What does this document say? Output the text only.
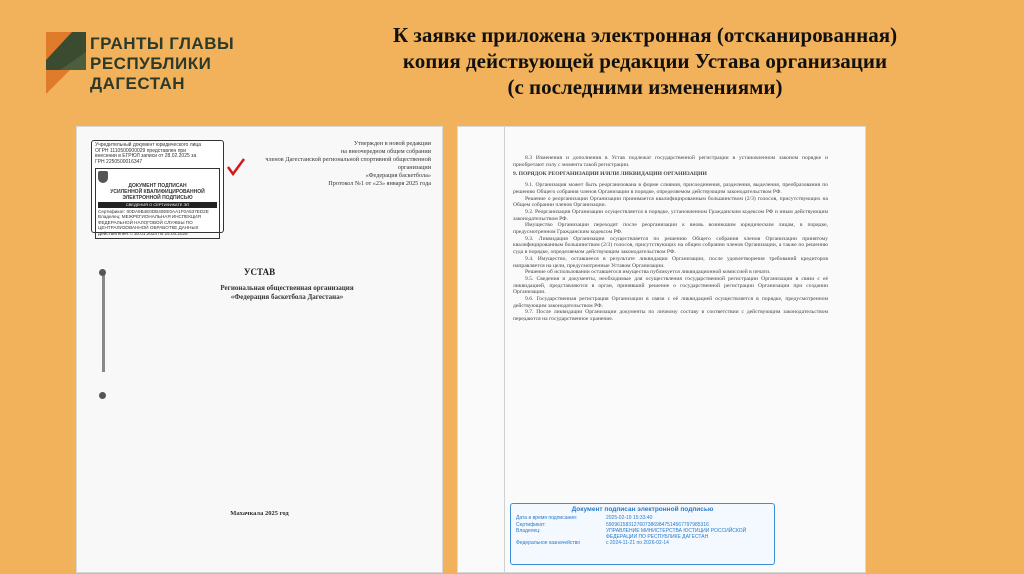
ГРАНТЫ ГЛАВЫ
РЕСПУБЛИКИ
ДАГЕСТАН
К заявке приложена электронная (отсканированная)
копия действующей редакции Устава организации
(с последними изменениями)
Учредительный документ юридического лица
ОГРН 1110500000029 представлен при
внесении в ЕГРЮЛ записи от 28.02.2025 за
ГРН 2250500016347
ДОКУМЕНТ ПОДПИСАН
УСИЛЕННОЙ КВАЛИФИЦИРОВАННОЙ
ЭЛЕКТРОННОЙ ПОДПИСЬЮ
СВЕДЕНИЯ О СЕРТИФИКАТЕ ЭП
Сертификат: 00DA9B4E0DB40EE0AA1F0A537ED2E
Владелец: МЕЖРЕГИОНАЛЬНАЯ ИНСПЕКЦИЯ
ФЕДЕРАЛЬНОЙ НАЛОГОВОЙ СЛУЖБЫ ПО
ЦЕНТРАЛИЗОВАННОЙ ОБРАБОТКЕ ДАННЫХ
Действителен: с 30.01.2024 по 24.04.2025
Утвержден в новой редакции
на внеочередном общем собрании
членов Дагестанской региональной спортивной общественной организации
«Федерация баскетбола»
Протокол №1 от «23» января 2025 года
УСТАВ
Региональная общественная организация
«Федерация баскетбола Дагестана»
Махачкала 2025 год

8.3 Изменения и дополнения в Устав подлежат государственной регистрации в установленном законом порядке и приобретают силу с момента такой регистрации.

9. ПОРЯДОК РЕОРГАНИЗАЦИИ И/ИЛИ ЛИКВИДАЦИИ ОРГАНИЗАЦИИ

9.1. Организация может быть реорганизована в форме слияния, присоединения, разделения, выделения, преобразования по решению Общего собрания членов Организации в порядке, определяемом действующим законодательством РФ.

Решение о реорганизации Организации принимается квалифицированным большинством (2/3) голосов, присутствующих на Общем собрании членов Организации.

9.2. Реорганизация Организации осуществляется в порядке, установленном Гражданским кодексом РФ и иным действующим законодательством РФ.

Имущество Организации переходит после реорганизации к вновь возникшим юридическим лицам, в порядке, предусмотренном Гражданским кодексом РФ.

9.3. Ликвидация Организации осуществляется по решению Общего собрания членов Организации принятому квалифицированным большинством (2/3) голосов, присутствующих на общем собрании членов Организации, а также по решению суда в порядке, определяемом действующим законодательством РФ.

9.4. Имущество, оставшееся в результате ликвидации Организации, после удовлетворения требований кредиторов направляется на цели, предусмотренные Уставом Организации.

Решение об использовании оставшегося имущества публикуется ликвидационной комиссией в печати.

9.5. Сведения и документы, необходимые для осуществления государственной регистрации Организации в связи с её ликвидацией, представляются в орган, принявший решение о государственной регистрации Организации при создании Организации.

9.6. Государственная регистрация Организации в связи с её ликвидацией осуществляется в порядке, предусмотренном действующим законодательством РФ.

9.7. После ликвидации Организации документы по личному составу в соответствии с действующим законодательством передаются на государственное хранение.

Документ подписан электронной подписью
Дата и время подписания:	2025-02-19 15:33:40
Сертификат:	5909615831276073869847514567797985316
Владелец:	УПРАВЛЕНИЕ МИНИСТЕРСТВА ЮСТИЦИИ РОССИЙСКОЙ
ФЕДЕРАЦИИ ПО РЕСПУБЛИКЕ ДАГЕСТАН
Федеральное казначейство	с 2024-11-21 по 2026-02-14
